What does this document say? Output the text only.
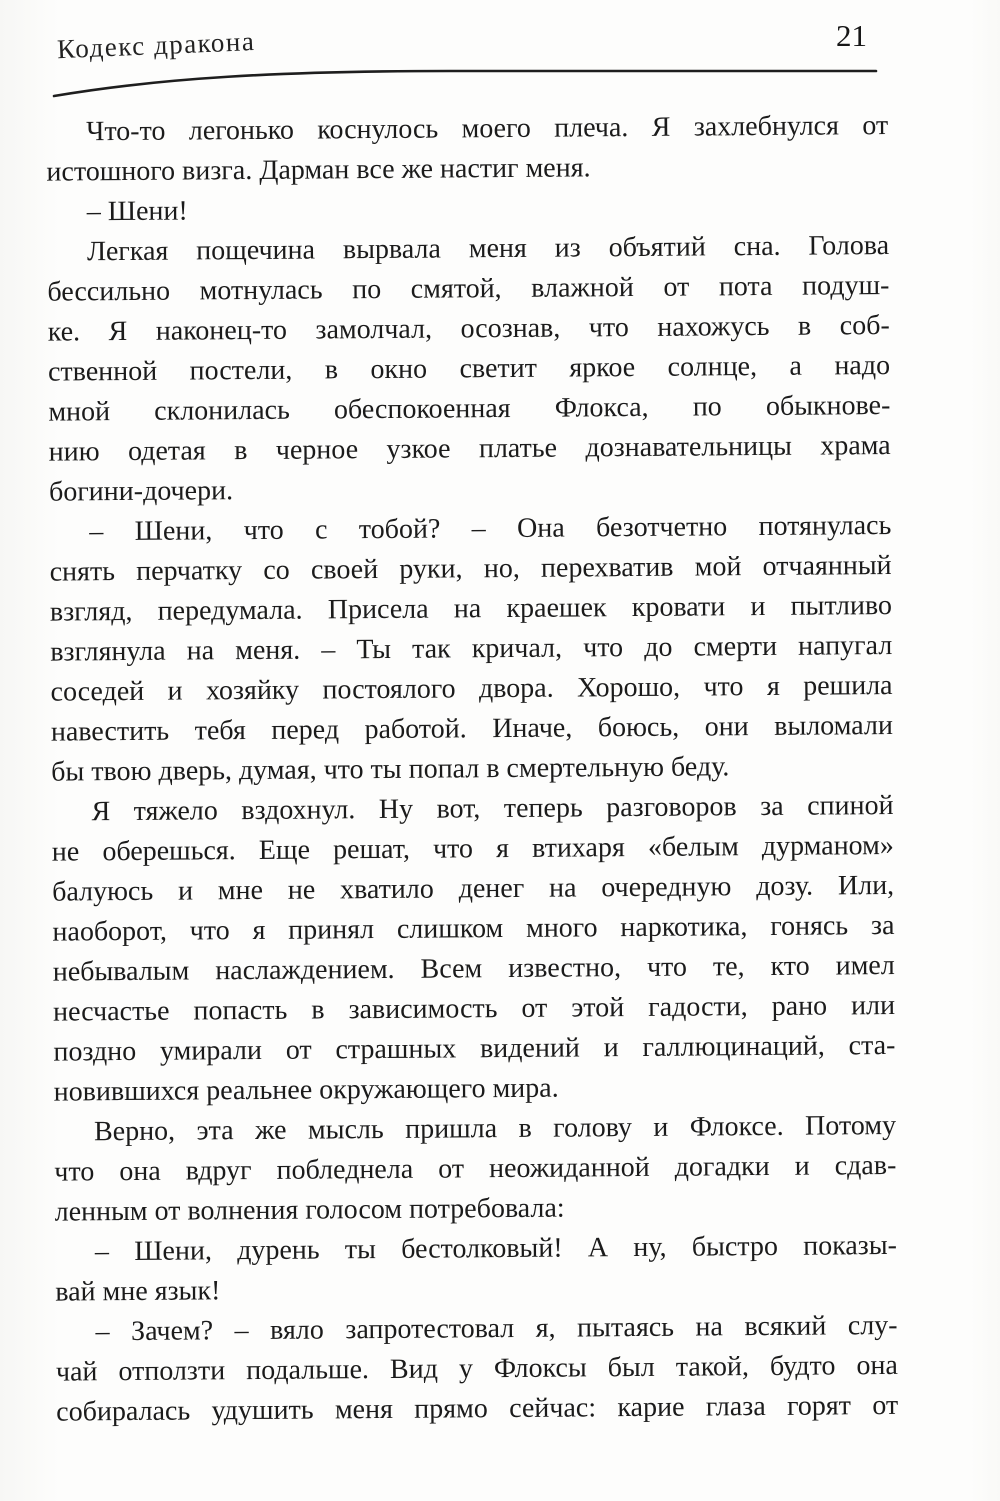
Кодекс дракона	21

Что-то легонько коснулось моего плеча. Я захлебнулся от
истошного визга. Дарман все же настиг меня.

– Шени!

Легкая пощечина вырвала меня из объятий сна. Голова
бессильно мотнулась по смятой, влажной от пота подуш-
ке. Я наконец-то замолчал, осознав, что нахожусь в соб-
ственной постели, в окно светит яркое солнце, а надо
мной склонилась обеспокоенная Флокса, по обыкнове-
нию одетая в черное узкое платье дознавательницы храма
богини-дочери.

– Шени, что с тобой? – Она безотчетно потянулась
снять перчатку со своей руки, но, перехватив мой отчаянный
взгляд, передумала. Присела на краешек кровати и пытливо
взглянула на меня. – Ты так кричал, что до смерти напугал
соседей и хозяйку постоялого двора. Хорошо, что я решила
навестить тебя перед работой. Иначе, боюсь, они выломали
бы твою дверь, думая, что ты попал в смертельную беду.

Я тяжело вздохнул. Ну вот, теперь разговоров за спиной
не оберешься. Еще решат, что я втихаря «белым дурманом»
балуюсь и мне не хватило денег на очередную дозу. Или,
наоборот, что я принял слишком много наркотика, гонясь за
небывалым наслаждением. Всем известно, что те, кто имел
несчастье попасть в зависимость от этой гадости, рано или
поздно умирали от страшных видений и галлюцинаций, ста-
новившихся реальнее окружающего мира.

Верно, эта же мысль пришла в голову и Флоксе. Потому
что она вдруг побледнела от неожиданной догадки и сдав-
ленным от волнения голосом потребовала:

– Шени, дурень ты бестолковый! А ну, быстро показы-
вай мне язык!

– Зачем? – вяло запротестовал я, пытаясь на всякий слу-
чай отползти подальше. Вид у Флоксы был такой, будто она
собиралась удушить меня прямо сейчас: карие глаза горят от
